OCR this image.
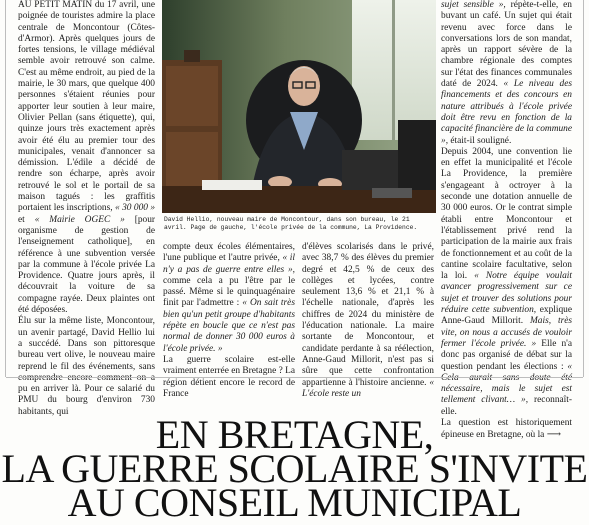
AU PETIT MATIN du 17 avril, une poignée de touristes admire la place centrale de Moncontour (Côtes-d'Armor). Après quelques jours de fortes tensions, le village médiéval semble avoir retrouvé son calme. C'est au même endroit, au pied de la mairie, le 30 mars, que quelque 400 personnes s'étaient réunies pour apporter leur soutien à leur maire, Olivier Pellan (sans étiquette), qui, quinze jours très exactement après avoir été élu au premier tour des municipales, venait d'annoncer sa démission. L'édile a décidé de rendre son écharpe, après avoir retrouvé le sol et le portail de sa maison tagués : les graffitis portaient les inscriptions, « 30 000 » et « Mairie OGEC » [pour organisme de gestion de l'enseignement catholique], en référence à une subvention versée par la commune à l'école privée La Providence. Quatre jours après, il découvrait la voiture de sa compagne rayée. Deux plaintes ont été déposées.

Élu sur la même liste, Moncontour, un avenir partagé, David Hellio lui a succédé. Dans son pittoresque bureau vert olive, le nouveau maire reprend le fil des événements, sans pu en arriver là. Pour ce salarié du PMU du bourg d'environ 730 habitants, qui

David Hellio, nouveau maire de Moncontour, dans son bureau, le 21 avril. Page de gauche, l'école privée de la commune, La Providence.

compte deux écoles élémentaires, l'une publique et l'autre privée, « il n'y a pas de guerre entre elles », comme cela a pu l'être par le passé. Même si le quinquagénaire finit par l'admettre : « On sait très bien qu'un petit groupe d'habitants répète en boucle que ce n'est pas normal de donner 30 000 euros à l'école privée. »

La guerre scolaire est-elle vraiment enterrée en Bretagne ? La région détient encore le record de France

d'élèves scolarisés dans le privé, avec 38,7 % des élèves du premier degré et 42,5 % de ceux des collèges et lycées, contre seulement 13,6 % et 21,1 % à l'échelle nationale, d'après les chiffres de 2024 du ministère de l'éducation nationale. La maire sortante de Moncontour, et candidate perdante à sa réélection, Anne-Gaud Millorit, n'est pas si sûre que cette confrontation appartienne à l'histoire ancienne. « L'école reste un

sujet sensible », répète-t-elle, en buvant un café. Un sujet qui était revenu avec force dans le conversations lors de son mandat, après un rapport sévère de la chambre régionale des comptes sur l'état des finances communales daté de 2024. « Le niveau des financements et des concours en nature attribués à l'école privée doit être revu en fonction de la capacité financière de la commune », était-il souligné.

Depuis 2004, une convention lie en effet la municipalité et l'école La Providence, la première s'engageant à octroyer à la seconde une dotation annuelle de 30 000 euros. Or le contrat simple établi entre Moncontour et l'établissement privé rend la participation de la mairie aux frais de fonctionnement et au coût de la cantine scolaire facultative, selon la loi. « Notre équipe voulait avancer progressivement sur ce sujet et trouver des solutions pour réduire cette subvention, explique Anne-Gaud Millorit. Mais, très vite, on nous a accusés de vouloir fermer l'école privée. » Elle n'a donc pas organisé de débat sur la question pendant les élections : « nécessaire, mais le sujet est tellement clivant… », reconnaît-elle.

La question est historiquement épineuse en Bretagne, où la ⟶

EN BRETAGNE,
LA GUERRE SCOLAIRE S'INVITE
AU CONSEIL MUNICIPAL
